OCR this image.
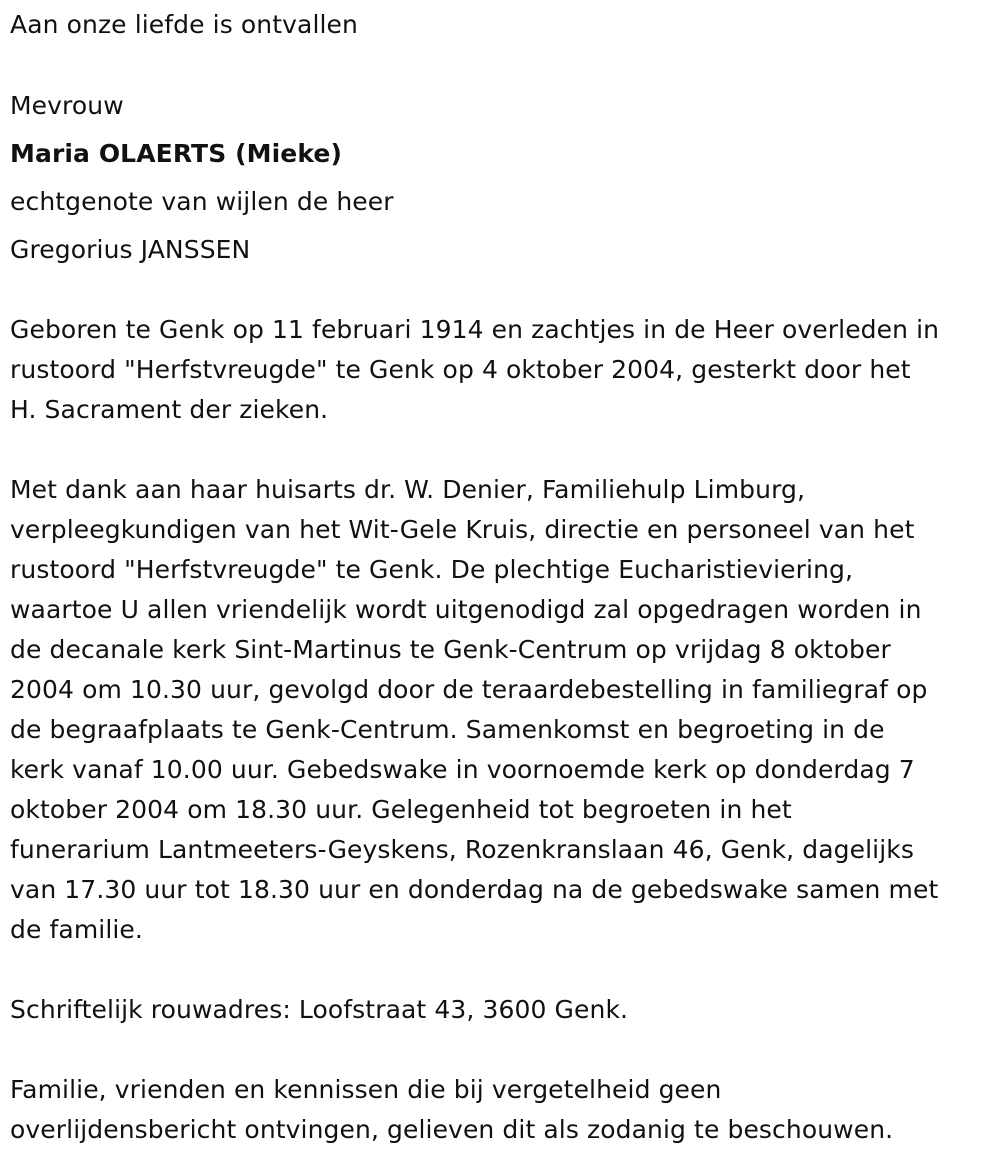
Aan onze liefde is ontvallen
Mevrouw
Maria OLAERTS (Mieke)
echtgenote van wijlen de heer
Gregorius JANSSEN
Geboren te Genk op 11 februari 1914 en zachtjes in de Heer overleden in
rustoord "Herfstvreugde" te Genk op 4 oktober 2004, gesterkt door het
H. Sacrament der zieken.
Met dank aan haar huisarts dr. W. Denier, Familiehulp Limburg,
verpleegkundigen van het Wit-Gele Kruis, directie en personeel van het
rustoord "Herfstvreugde" te Genk. De plechtige Eucharistieviering,
waartoe U allen vriendelijk wordt uitgenodigd zal opgedragen worden in
de decanale kerk Sint-Martinus te Genk-Centrum op vrijdag 8 oktober
2004 om 10.30 uur, gevolgd door de teraardebestelling in familiegraf op
de begraafplaats te Genk-Centrum. Samenkomst en begroeting in de
kerk vanaf 10.00 uur. Gebedswake in voornoemde kerk op donderdag 7
oktober 2004 om 18.30 uur. Gelegenheid tot begroeten in het
funerarium Lantmeeters-Geyskens, Rozenkranslaan 46, Genk, dagelijks
van 17.30 uur tot 18.30 uur en donderdag na de gebedswake samen met
de familie.
Schriftelijk rouwadres: Loofstraat 43, 3600 Genk.
Familie, vrienden en kennissen die bij vergetelheid geen
overlijdensbericht ontvingen, gelieven dit als zodanig te beschouwen.
